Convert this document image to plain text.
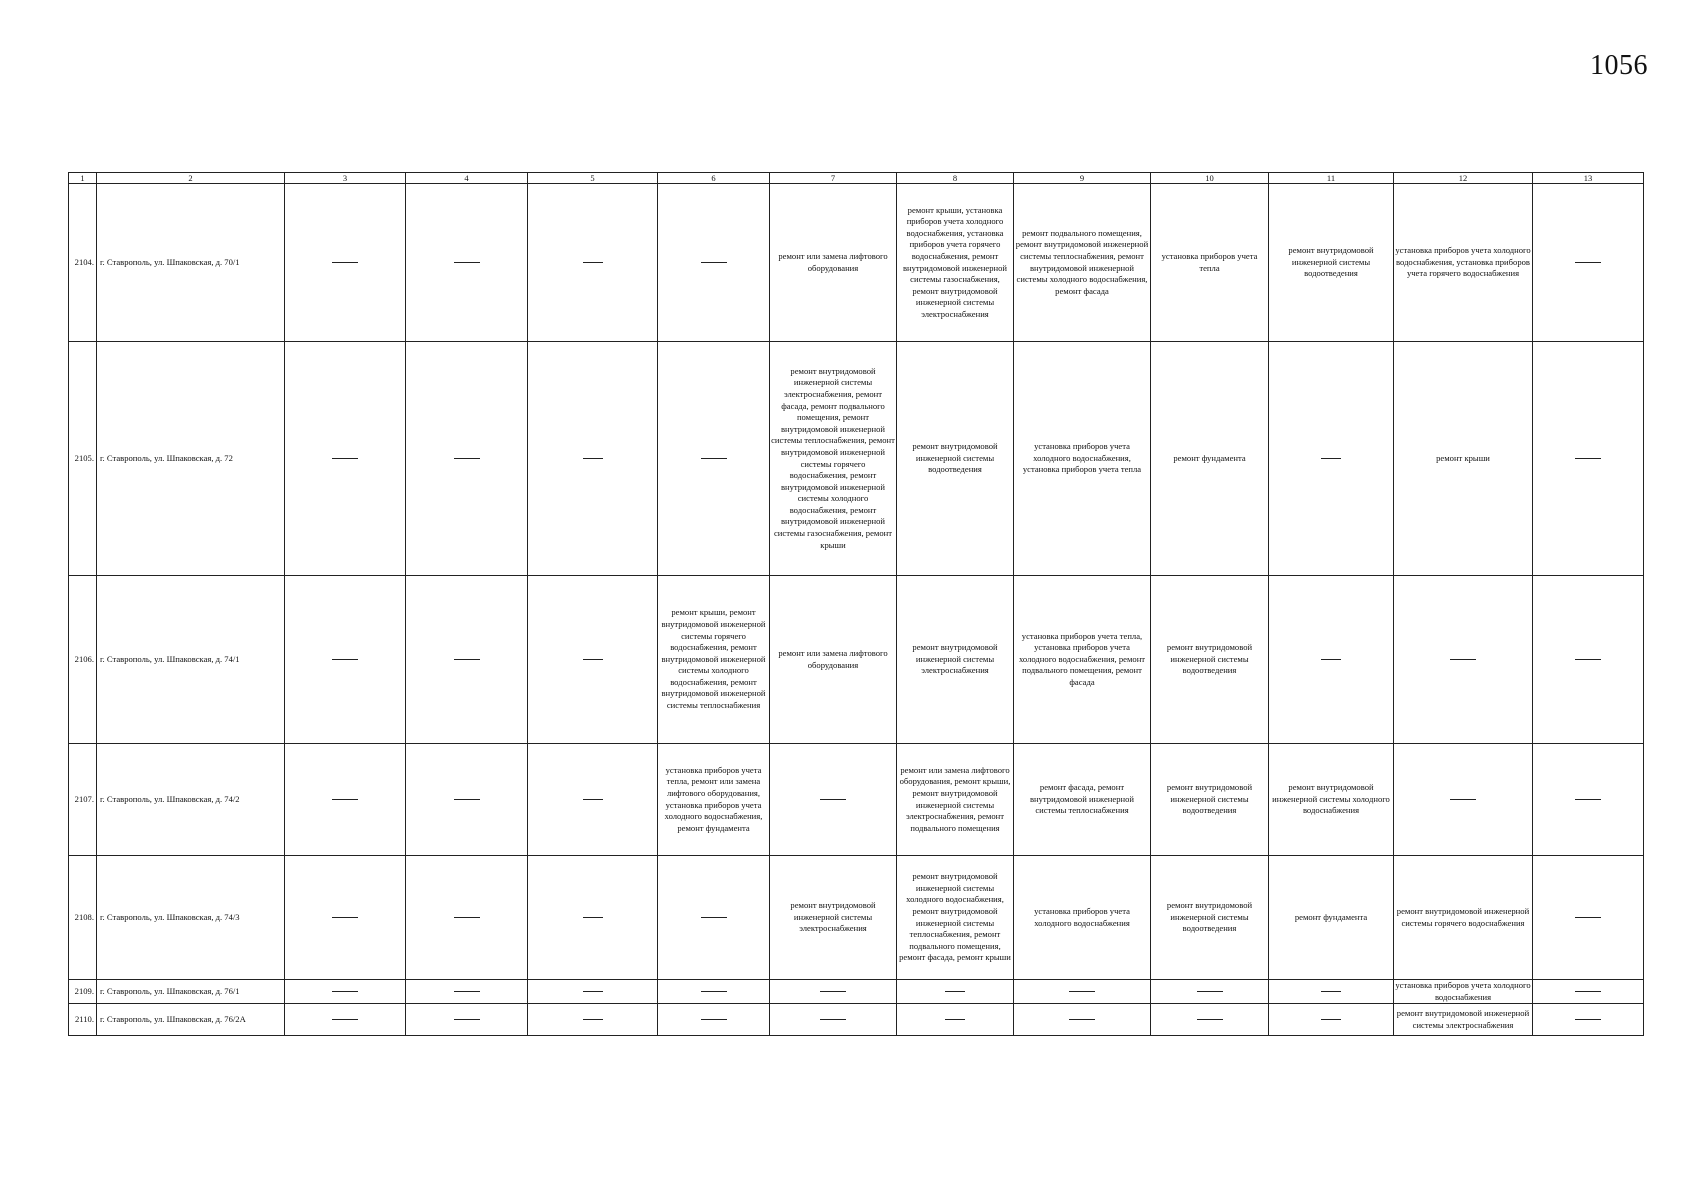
1056
1	2	3	4	5	6	7	8	9	10	11	12	13
2104.	г. Ставрополь, ул. Шпаковская, д. 70/1					ремонт или замена лифтового оборудования	ремонт крыши, установка приборов учета холодного водоснабжения, установка приборов учета горячего водоснабжения, ремонт внутридомовой инженерной системы газоснабжения, ремонт внутридомовой инженерной системы электроснабжения	ремонт подвального помещения, ремонт внутридомовой инженерной системы теплоснабжения, ремонт внутридомовой инженерной системы холодного водоснабжения, ремонт фасада	установка приборов учета тепла	ремонт внутридомовой инженерной системы водоотведения	установка приборов учета холодного водоснабжения, установка приборов учета горячего водоснабжения	

2105.	г. Ставрополь, ул. Шпаковская, д. 72					ремонт внутридомовой инженерной системы электроснабжения, ремонт фасада, ремонт подвального помещения, ремонт внутридомовой инженерной системы теплоснабжения, ремонт внутридомовой инженерной системы горячего водоснабжения, ремонт внутридомовой инженерной системы холодного водоснабжения, ремонт внутридомовой инженерной системы газоснабжения, ремонт крыши	ремонт внутридомовой инженерной системы водоотведения	установка приборов учета холодного водоснабжения, установка приборов учета тепла	ремонт фундамента		ремонт крыши	

2106.	г. Ставрополь, ул. Шпаковская, д. 74/1				ремонт крыши, ремонт внутридомовой инженерной системы горячего водоснабжения, ремонт внутридомовой инженерной системы холодного водоснабжения, ремонт внутридомовой инженерной системы теплоснабжения	ремонт или замена лифтового оборудования	ремонт внутридомовой инженерной системы электроснабжения	установка приборов учета тепла, установка приборов учета холодного водоснабжения, ремонт подвального помещения, ремонт фасада	ремонт внутридомовой инженерной системы водоотведения			

2107.	г. Ставрополь, ул. Шпаковская, д. 74/2				установка приборов учета тепла, ремонт или замена лифтового оборудования, установка приборов учета холодного водоснабжения, ремонт фундамента		ремонт или замена лифтового оборудования, ремонт крыши, ремонт внутридомовой инженерной системы электроснабжения, ремонт подвального помещения	ремонт фасада, ремонт внутридомовой инженерной системы теплоснабжения	ремонт внутридомовой инженерной системы водоотведения	ремонт внутридомовой инженерной системы холодного водоснабжения		

2108.	г. Ставрополь, ул. Шпаковская, д. 74/3					ремонт внутридомовой инженерной системы электроснабжения	ремонт внутридомовой инженерной системы холодного водоснабжения, ремонт внутридомовой инженерной системы теплоснабжения, ремонт подвального помещения, ремонт фасада, ремонт крыши	установка приборов учета холодного водоснабжения	ремонт внутридомовой инженерной системы водоотведения	ремонт фундамента	ремонт внутридомовой инженерной системы горячего водоснабжения	

2109.	г. Ставрополь, ул. Шпаковская, д. 76/1										установка приборов учета холодного водоснабжения	

2110.	г. Ставрополь, ул. Шпаковская, д. 76/2А										ремонт внутридомовой инженерной системы электроснабжения	
